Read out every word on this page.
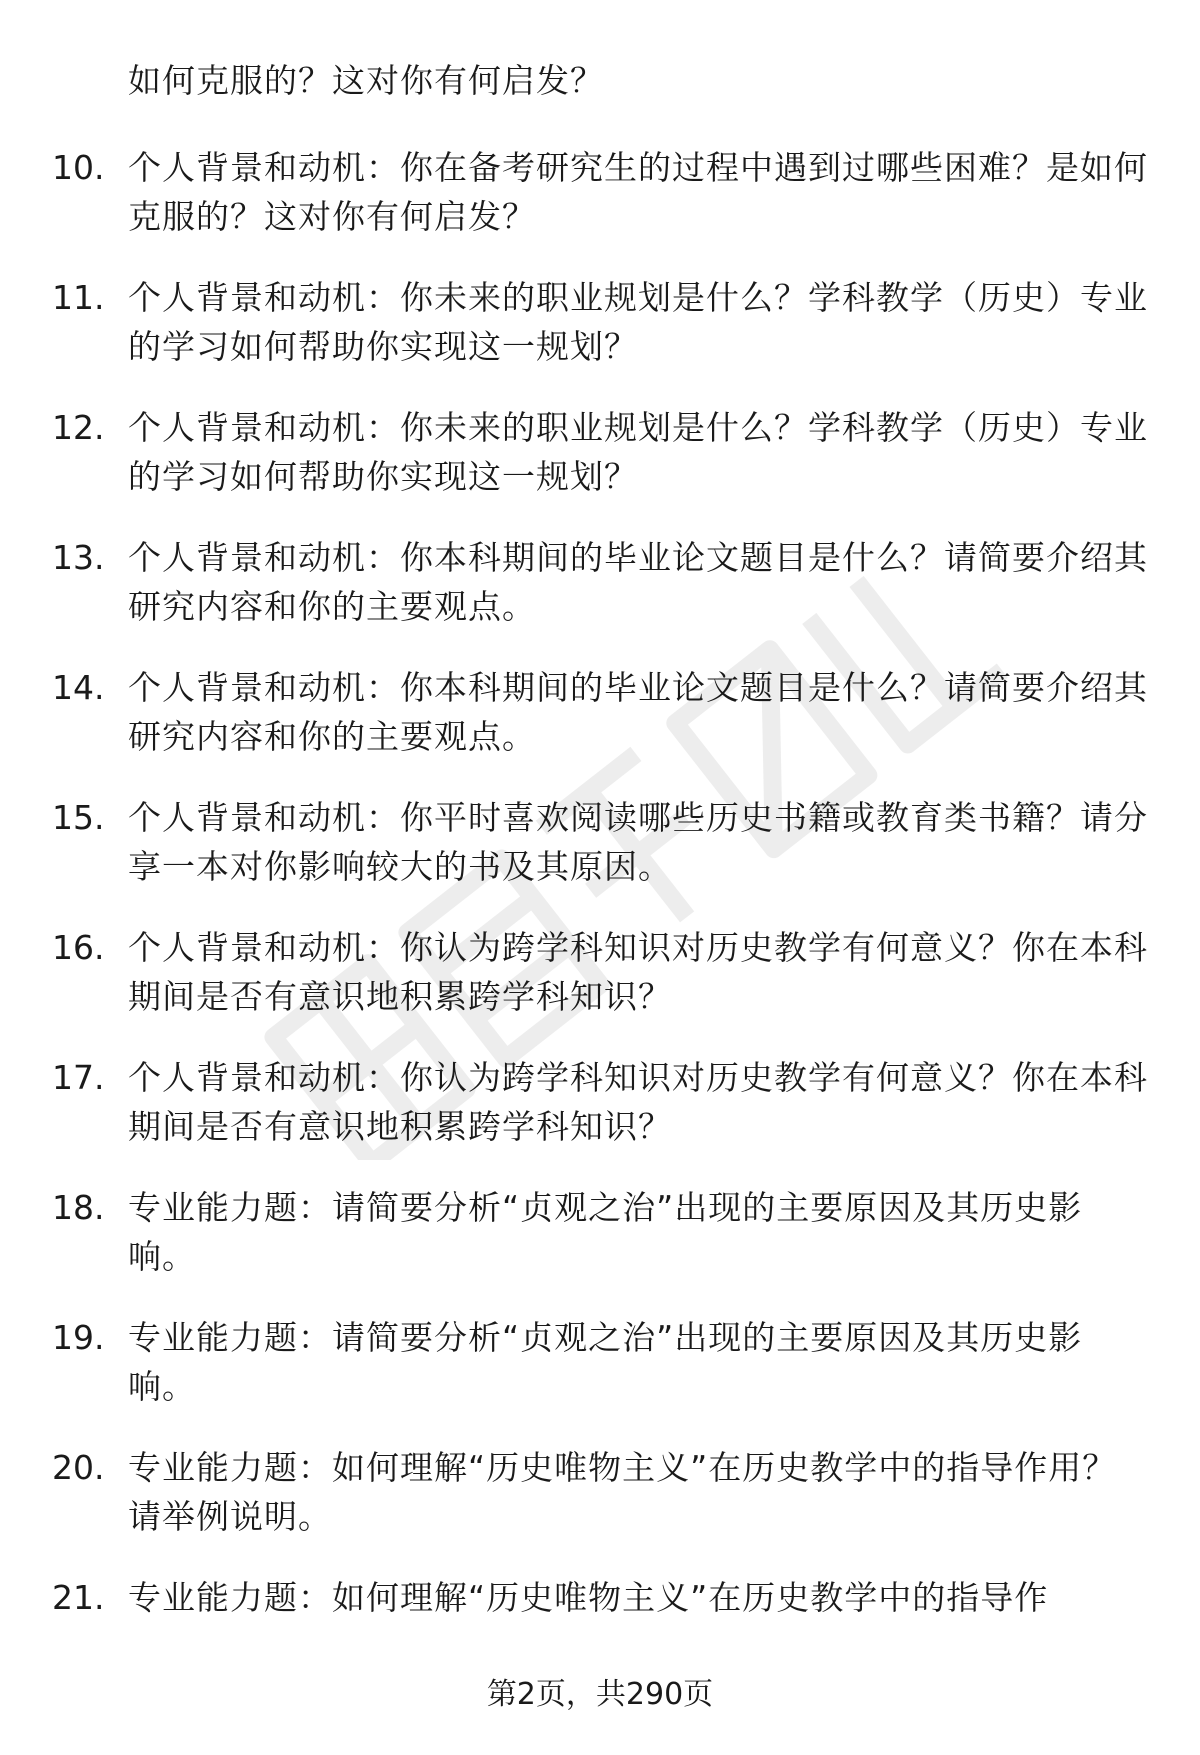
如何克服的？这对你有何启发？
10. 个人背景和动机：你在备考研究生的过程中遇到过哪些困难？是如何克服的？这对你有何启发？
11. 个人背景和动机：你未来的职业规划是什么？学科教学（历史）专业的学习如何帮助你实现这一规划？
12. 个人背景和动机：你未来的职业规划是什么？学科教学（历史）专业的学习如何帮助你实现这一规划？
13. 个人背景和动机：你本科期间的毕业论文题目是什么？请简要介绍其研究内容和你的主要观点。
14. 个人背景和动机：你本科期间的毕业论文题目是什么？请简要介绍其研究内容和你的主要观点。
15. 个人背景和动机：你平时喜欢阅读哪些历史书籍或教育类书籍？请分享一本对你影响较大的书及其原因。
16. 个人背景和动机：你认为跨学科知识对历史教学有何意义？你在本科期间是否有意识地积累跨学科知识？
17. 个人背景和动机：你认为跨学科知识对历史教学有何意义？你在本科期间是否有意识地积累跨学科知识？
18. 专业能力题：请简要分析“贞观之治”出现的主要原因及其历史影响。
19. 专业能力题：请简要分析“贞观之治”出现的主要原因及其历史影响。
20. 专业能力题：如何理解“历史唯物主义”在历史教学中的指导作用？请举例说明。
21. 专业能力题：如何理解“历史唯物主义”在历史教学中的指导作
第2页，共290页
